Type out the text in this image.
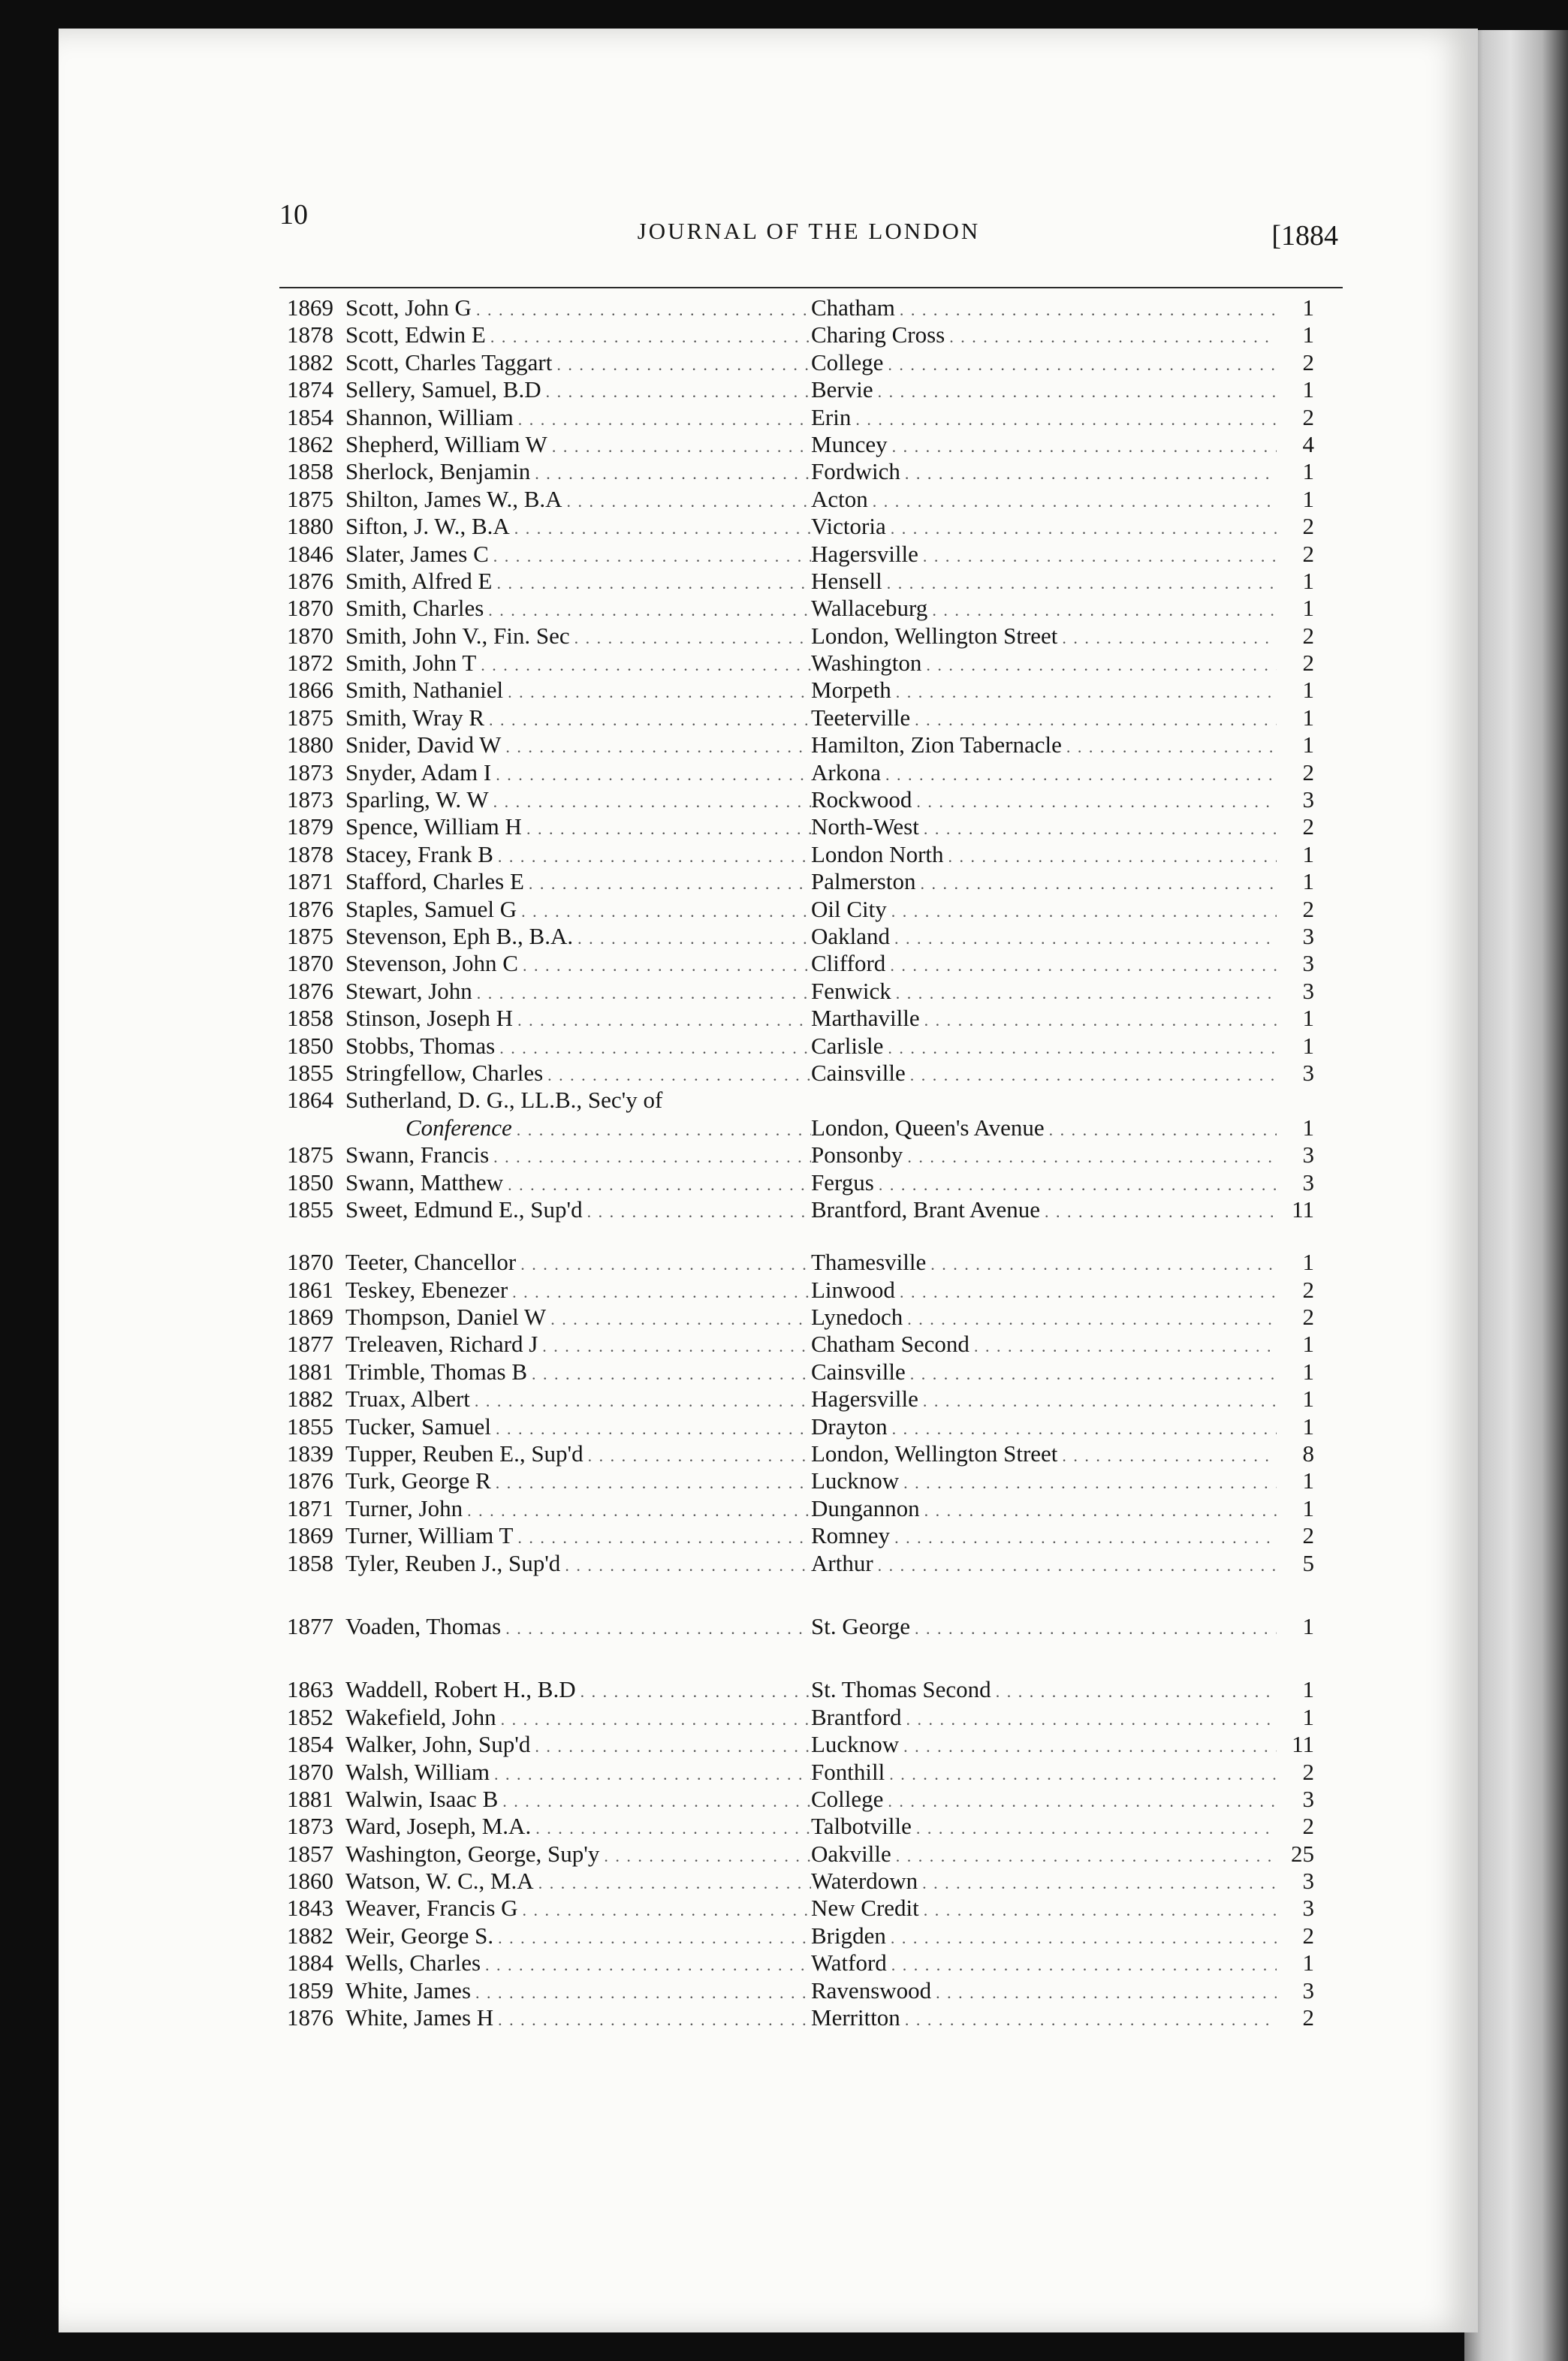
10
JOURNAL OF THE LONDON	[1884
1869 Scott, John G . . .	Chatham . . .	1
1878 Scott, Edwin E . . .	Charing Cross . . .	1
1882 Scott, Charles Taggart . . .	College . . .	2
1874 Sellery, Samuel, B.D . . .	Bervie . . .	1
1854 Shannon, William . . .	Erin . . .	2
1862 Shepherd, William W . . .	Muncey . . .	4
1858 Sherlock, Benjamin . . .	Fordwich . . .	1
1875 Shilton, James W., B.A . . .	Acton . . .	1
1880 Sifton, J. W., B.A . . .	Victoria . . .	2
1846 Slater, James C . . .	Hagersville . . .	2
1876 Smith, Alfred E . . .	Hensell . . .	1
1870 Smith, Charles . . .	Wallaceburg . . .	1
1870 Smith, John V., Fin. Sec . . .	London, Wellington Street . . .	2
1872 Smith, John T . . .	Washington . . .	2
1866 Smith, Nathaniel . . .	Morpeth . . .	1
1875 Smith, Wray R . . .	Teeterville . . .	1
1880 Snider, David W . . .	Hamilton, Zion Tabernacle . . .	1
1873 Snyder, Adam I . . .	Arkona . . .	2
1873 Sparling, W. W . . .	Rockwood . . .	3
1879 Spence, William H . . .	North-West . . .	2
1878 Stacey, Frank B . . .	London North . . .	1
1871 Stafford, Charles E . . .	Palmerston . . .	1
1876 Staples, Samuel G . . .	Oil City . . .	2
1875 Stevenson, Eph B., B.A. . . .	Oakland . . .	3
1870 Stevenson, John C . . .	Clifford . . .	3
1876 Stewart, John . . .	Fenwick . . .	3
1858 Stinson, Joseph H . . .	Marthaville . . .	1
1850 Stobbs, Thomas . . .	Carlisle . . .	1
1855 Stringfellow, Charles . . .	Cainsville . . .	3
1864 Sutherland, D. G., LL.B., Sec'y of
Conference . . .	London, Queen's Avenue . . .	1
1875 Swann, Francis . . .	Ponsonby . . .	3
1850 Swann, Matthew . . .	Fergus . . .	3
1855 Sweet, Edmund E., Sup'd . . .	Brantford, Brant Avenue . . .	11
1870 Teeter, Chancellor . . .	Thamesville . . .	1
1861 Teskey, Ebenezer . . .	Linwood . . .	2
1869 Thompson, Daniel W . . .	Lynedoch . . .	2
1877 Treleaven, Richard J . . .	Chatham Second . . .	1
1881 Trimble, Thomas B . . .	Cainsville . . .	1
1882 Truax, Albert . . .	Hagersville . . .	1
1855 Tucker, Samuel . . .	Drayton . . .	1
1839 Tupper, Reuben E., Sup'd . . .	London, Wellington Street . . .	8
1876 Turk, George R . . .	Lucknow . . .	1
1871 Turner, John . . .	Dungannon . . .	1
1869 Turner, William T . . .	Romney . . .	2
1858 Tyler, Reuben J., Sup'd . . .	Arthur . . .	5
1877 Voaden, Thomas . . .	St. George . . .	1
1863 Waddell, Robert H., B.D . . .	St. Thomas Second . . .	1
1852 Wakefield, John . . .	Brantford . . .	1
1854 Walker, John, Sup'd . . .	Lucknow . . .	11
1870 Walsh, William . . .	Fonthill . . .	2
1881 Walwin, Isaac B . . .	College . . .	3
1873 Ward, Joseph, M.A. . . .	Talbotville . . .	2
1857 Washington, George, Sup'y . . .	Oakville . . .	25
1860 Watson, W. C., M.A . . .	Waterdown . . .	3
1843 Weaver, Francis G . . .	New Credit . . .	3
1882 Weir, George S. . . .	Brigden . . .	2
1884 Wells, Charles . . .	Watford . . .	1
1859 White, James . . .	Ravenswood . . .	3
1876 White, James H . . .	Merritton . . .	2
